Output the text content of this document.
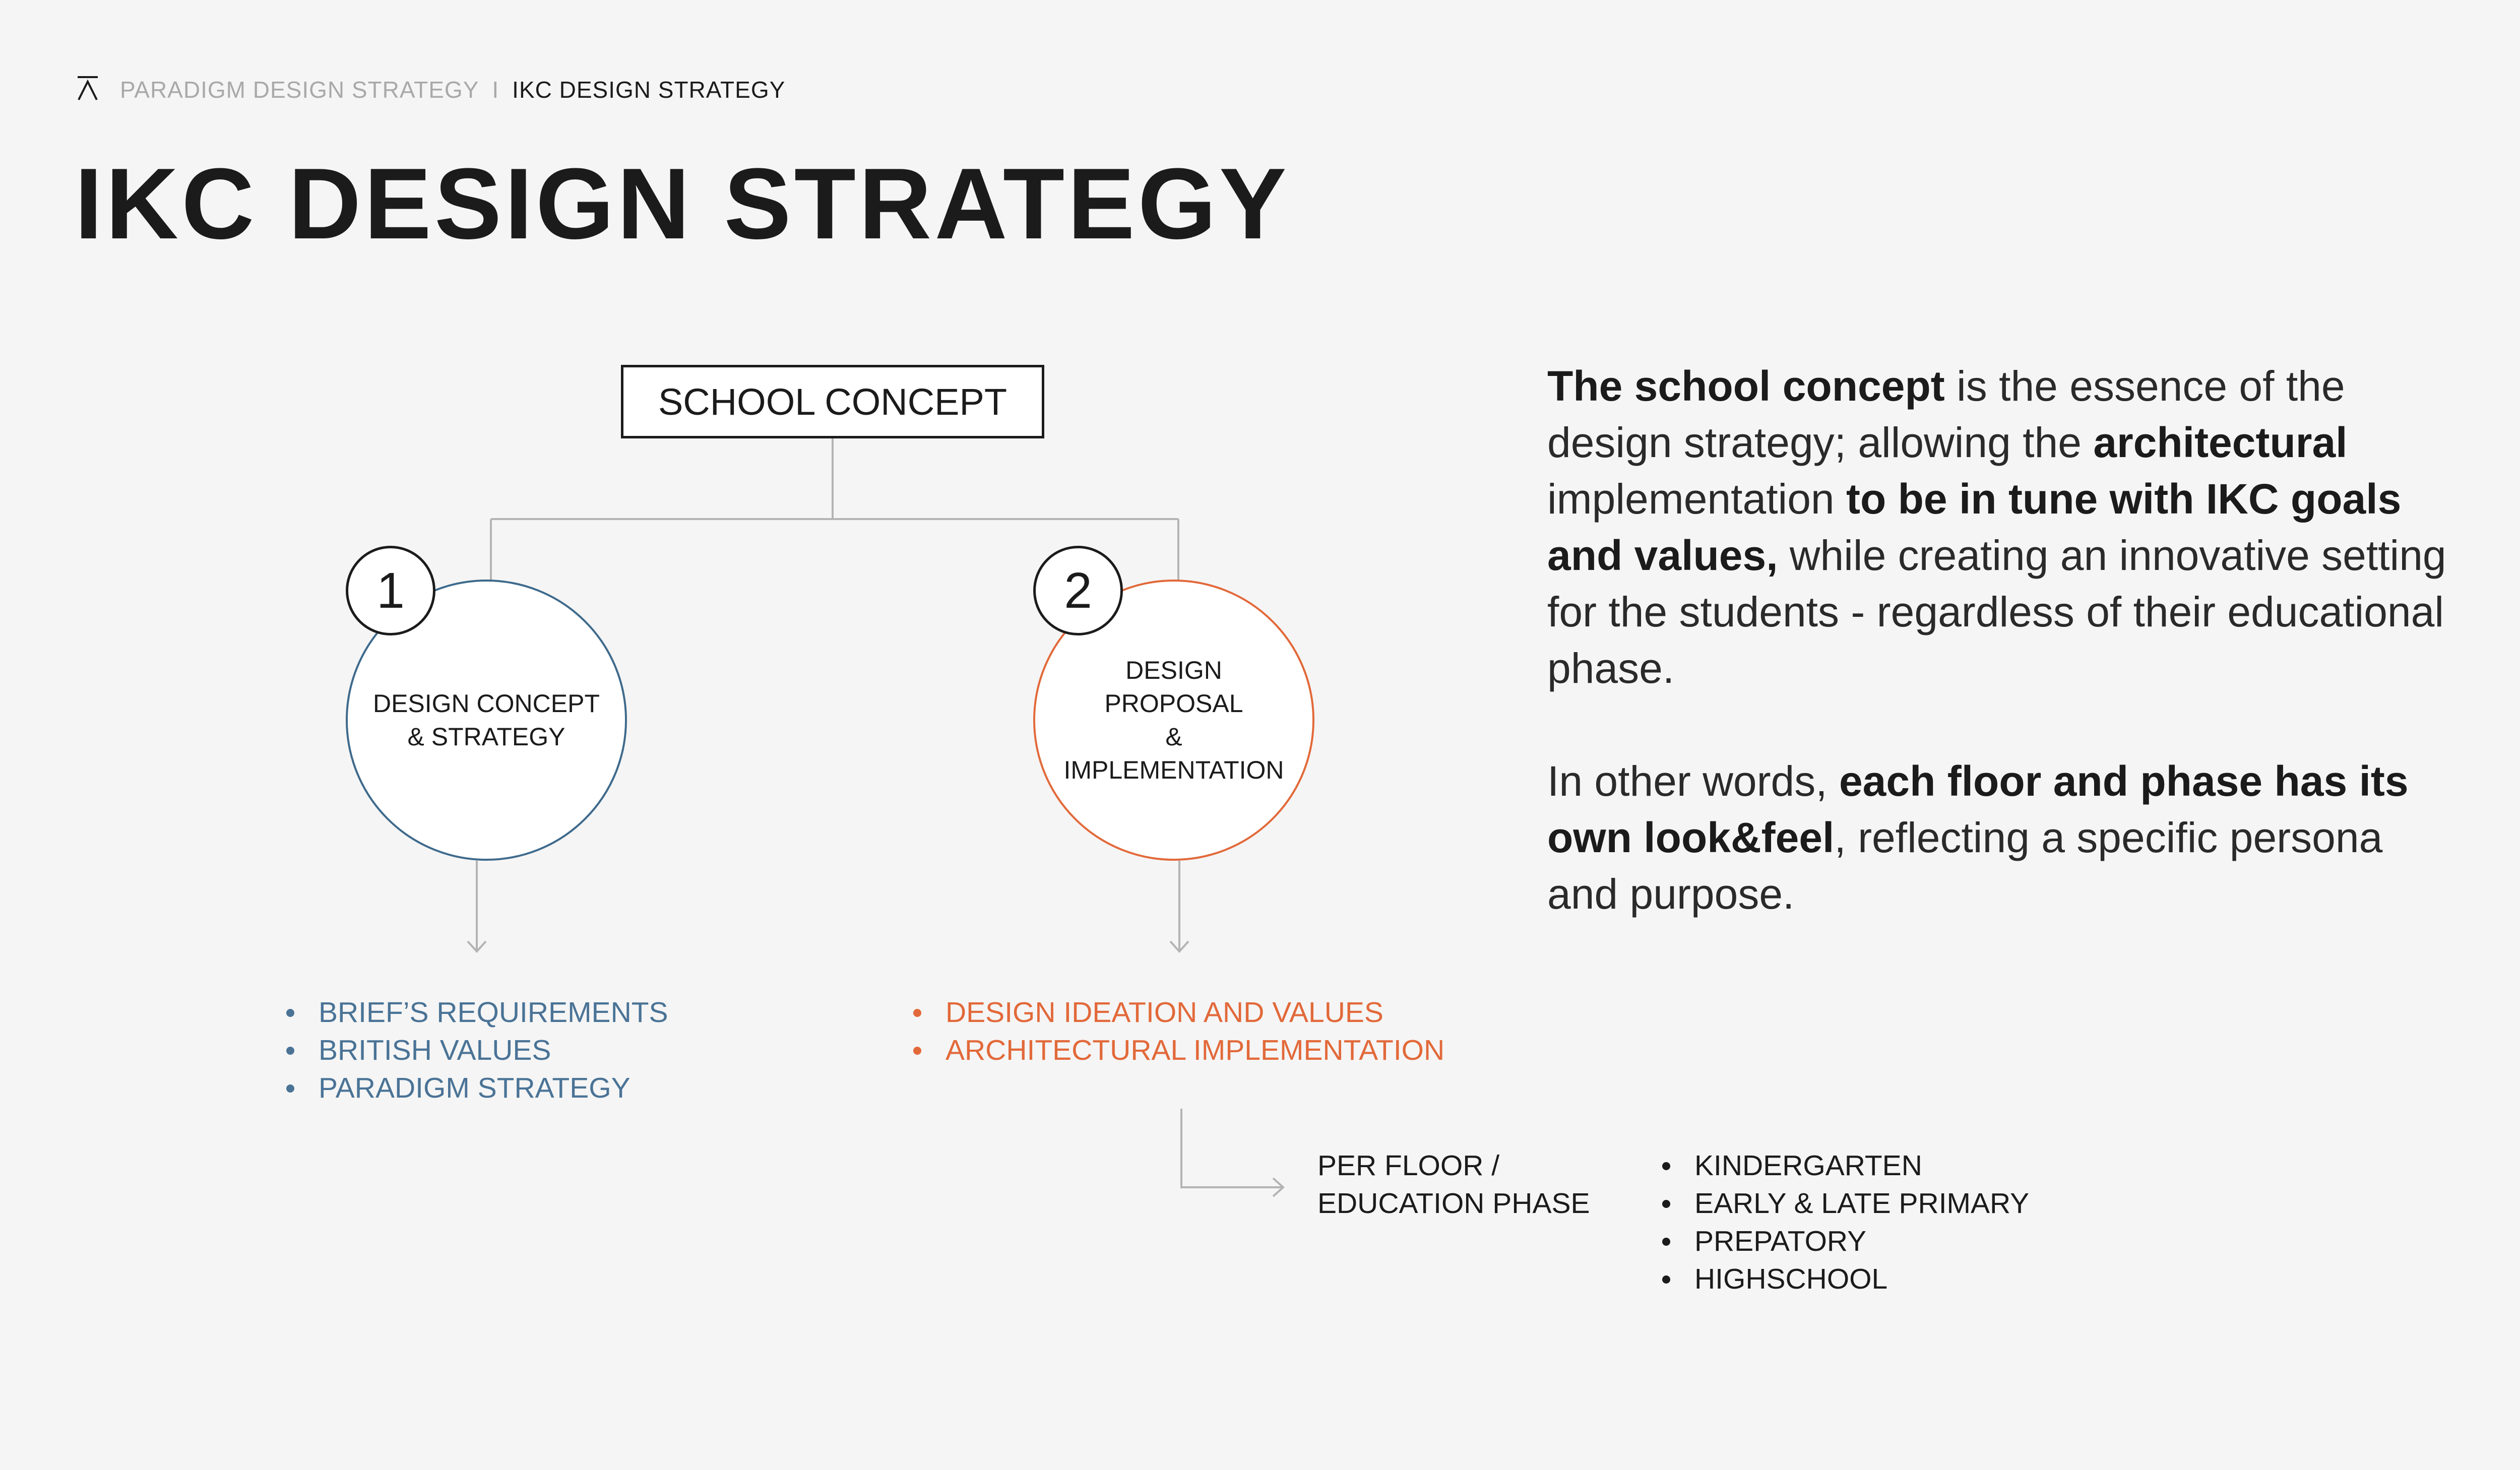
PARADIGM DESIGN STRATEGY I IKC DESIGN STRATEGY
IKC DESIGN STRATEGY
SCHOOL CONCEPT
DESIGN CONCEPT
& STRATEGY
1
DESIGN PROPOSAL
& IMPLEMENTATION
2
BRIEF’S REQUIREMENTS
BRITISH VALUES
PARADIGM STRATEGY
DESIGN IDEATION AND VALUES
ARCHITECTURAL IMPLEMENTATION
PER FLOOR /
EDUCATION PHASE
KINDERGARTEN
EARLY & LATE PRIMARY
PREPATORY
HIGHSCHOOL

The school concept is the essence of the design strategy; allowing the architectural implementation to be in tune with IKC goals and values, while creating an innovative setting for the students - regardless of their educational phase.

In other words, each floor and phase has its own look&feel, reflecting a specific persona and purpose.
